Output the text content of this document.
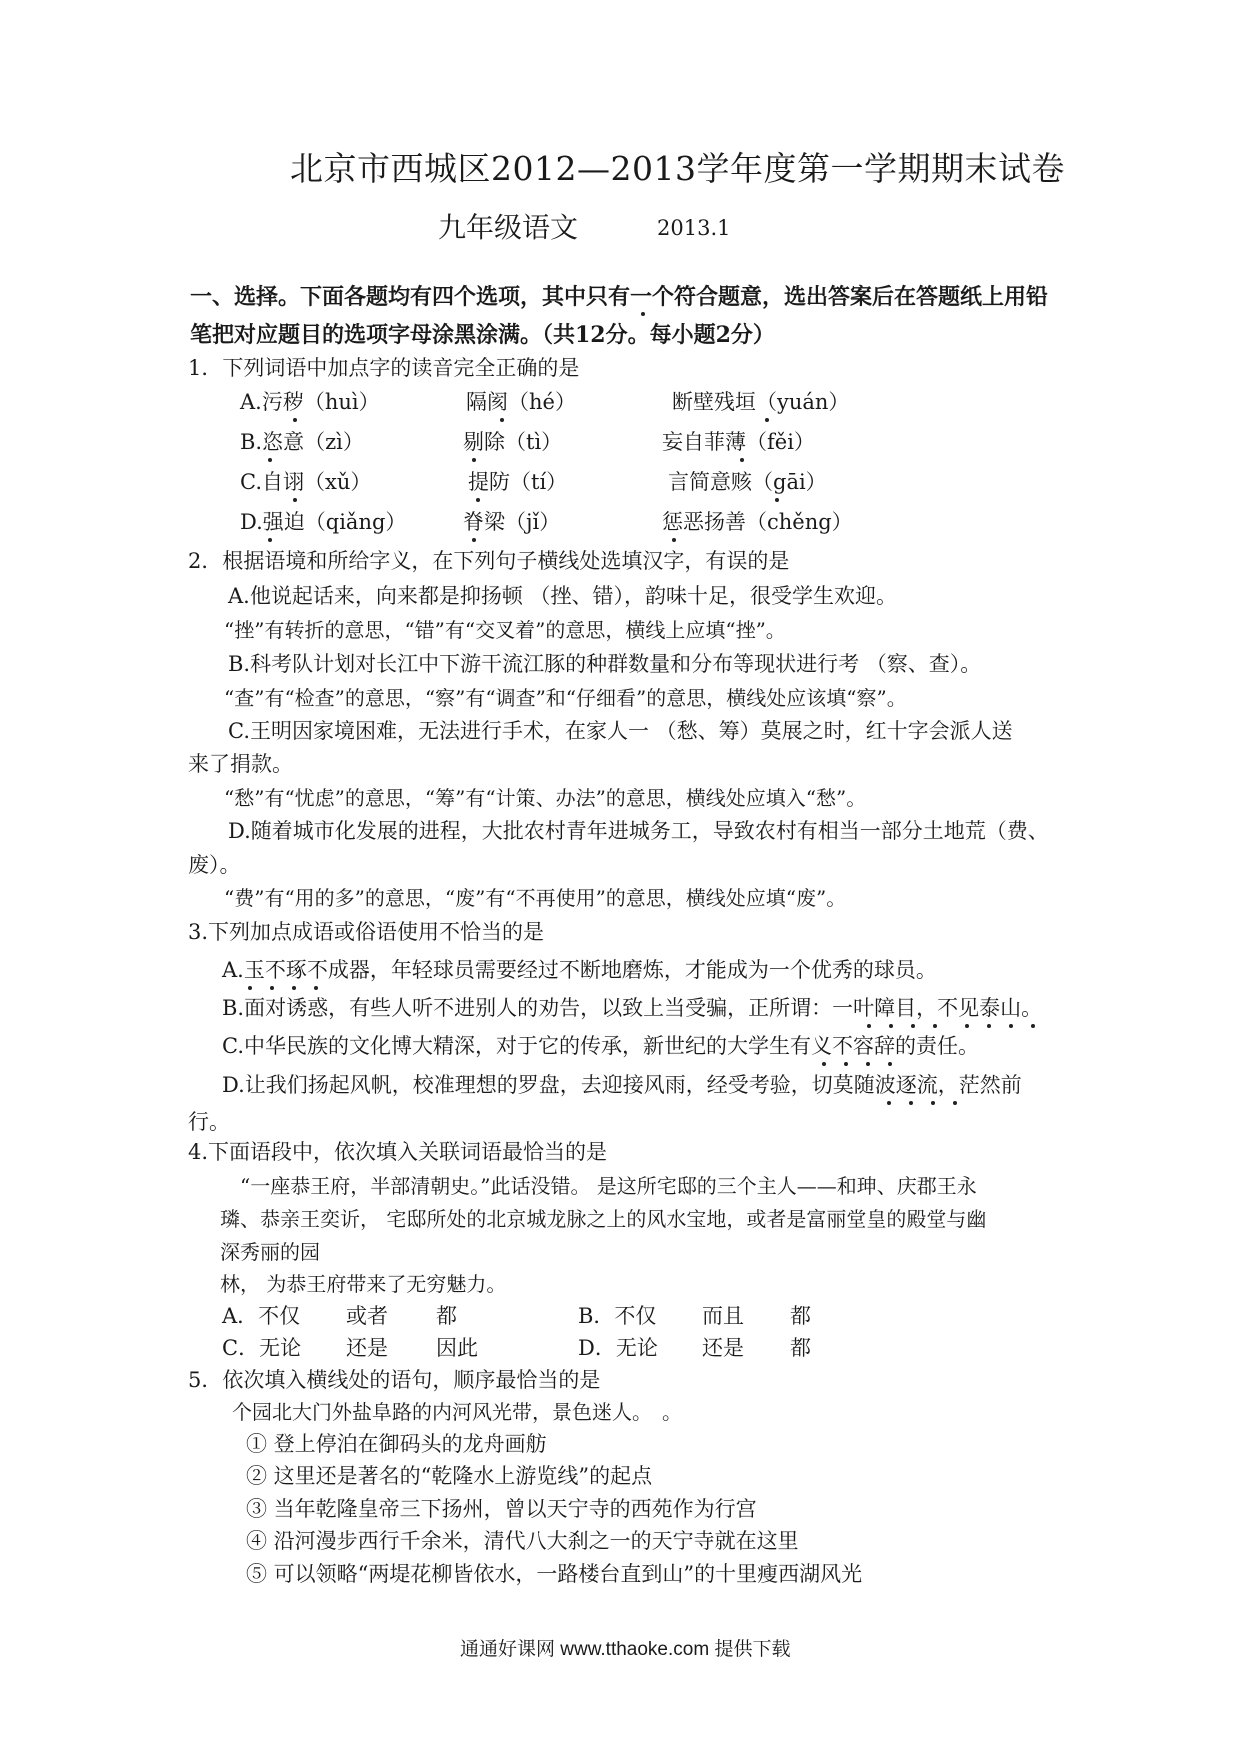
北京市西城区2012—2013学年度第一学期期末试卷
九年级语文	2013.1
一、选择。下面各题均有四个选项，其中只有一个符合题意，选出答案后在答题纸上用铅
笔把对应题目的选项字母涂黑涂满。（共12分。每小题2分）
1．下列词语中加点字的读音完全正确的是
A.污秽（huì）	隔阂（hé）	断壁残垣（yuán）
B.恣意（zì）	剔除（tì）	妄自菲薄（fěi）
C.自诩（xǔ）	提防（tí）	言简意赅（gāi）
D.强迫（qiǎng）	脊梁（jǐ）	惩恶扬善（chěng）
2．根据语境和所给字义，在下列句子横线处选填汉字，有误的是
A.他说起话来，向来都是抑扬顿 （挫、错），韵味十足，很受学生欢迎。
“挫”有转折的意思，“错”有“交叉着”的意思，横线上应填“挫”。
B.科考队计划对长江中下游干流江豚的种群数量和分布等现状进行考 （察、查）。
“查”有“检查”的意思，“察”有“调查”和“仔细看”的意思，横线处应该填“察”。
C.王明因家境困难，无法进行手术，在家人一 （愁、筹）莫展之时，红十字会派人送
来了捐款。
“愁”有“忧虑”的意思，“筹”有“计策、办法”的意思，横线处应填入“愁”。
D.随着城市化发展的进程，大批农村青年进城务工，导致农村有相当一部分土地荒（费、
废）。
“费”有“用的多”的意思，“废”有“不再使用”的意思，横线处应填“废”。
3.下列加点成语或俗语使用不恰当的是
A.玉不琢不成器，年轻球员需要经过不断地磨炼，才能成为一个优秀的球员。
B.面对诱惑，有些人听不进别人的劝告，以致上当受骗，正所谓：一叶障目，不见泰山。
C.中华民族的文化博大精深，对于它的传承，新世纪的大学生有义不容辞的责任。
D.让我们扬起风帆，校准理想的罗盘，去迎接风雨，经受考验，切莫随波逐流，茫然前
行。
4.下面语段中，依次填入关联词语最恰当的是
“一座恭王府，半部清朝史。”此话没错。 是这所宅邸的三个主人——和珅、庆郡王永
璘、恭亲王奕䜣， 宅邸所处的北京城龙脉之上的风水宝地，或者是富丽堂皇的殿堂与幽
深秀丽的园
林， 为恭王府带来了无穷魅力。
A．不仅 或者 都	B．不仅 而且 都
C．无论 还是 因此	D．无论 还是 都
5．依次填入横线处的语句，顺序最恰当的是
个园北大门外盐阜路的内河风光带，景色迷人。　。
① 登上停泊在御码头的龙舟画舫
② 这里还是著名的“乾隆水上游览线”的起点
③ 当年乾隆皇帝三下扬州，曾以天宁寺的西苑作为行宫
④ 沿河漫步西行千余米，清代八大刹之一的天宁寺就在这里
⑤ 可以领略“两堤花柳皆依水，一路楼台直到山”的十里瘦西湖风光
通通好课网 www.tthaoke.com 提供下载
